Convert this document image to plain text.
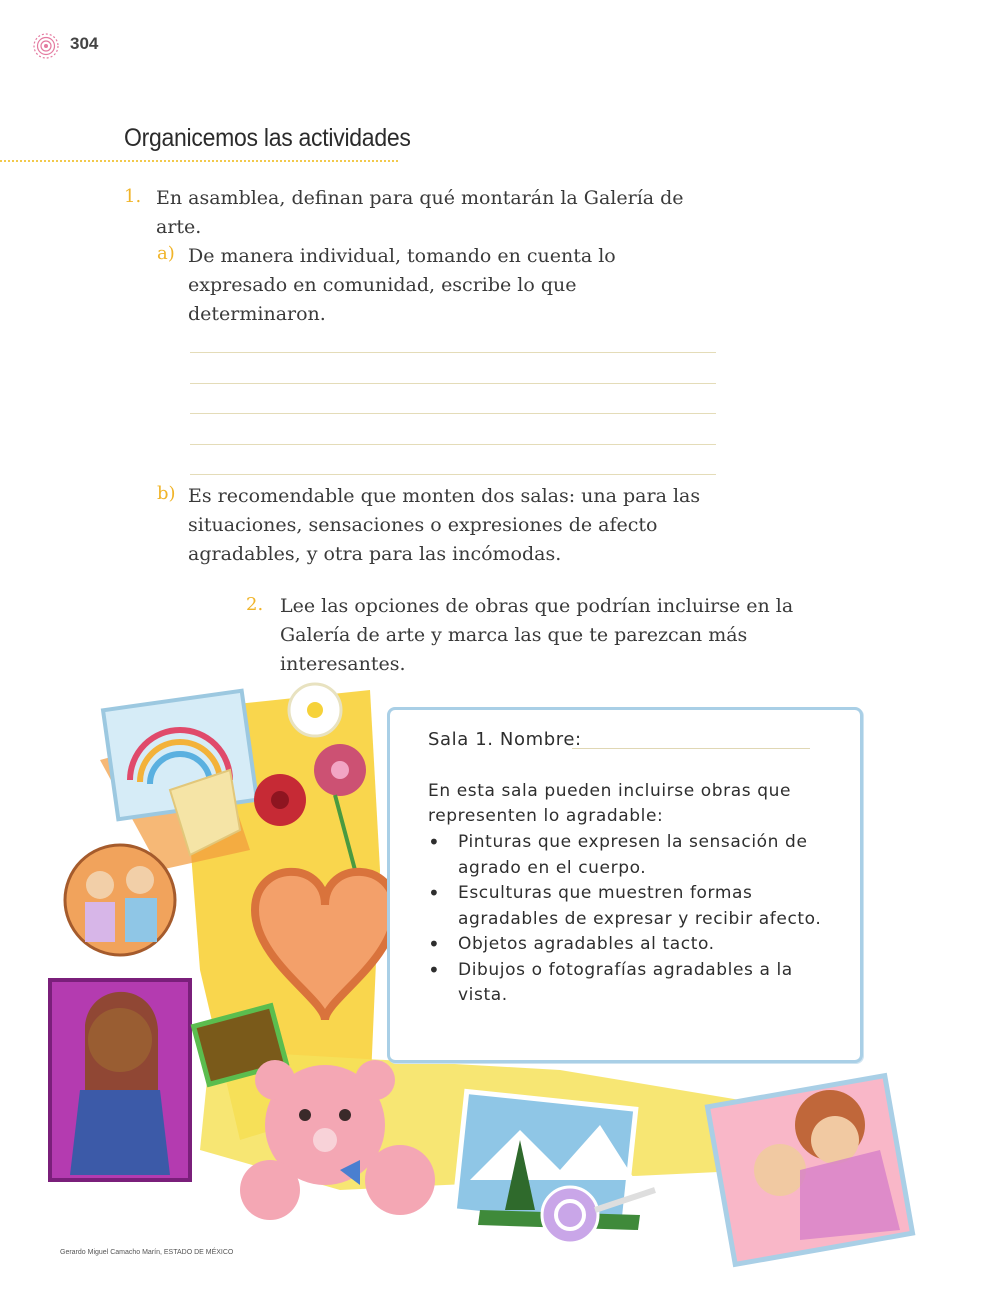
304
Organicemos las actividades
1. En asamblea, definan para qué montarán la Galería de arte.
a) De manera individual, tomando en cuenta lo expresado en comunidad, escribe lo que determinaron.
b) Es recomendable que monten dos salas: una para las situaciones, sensaciones o expresiones de afecto agradables, y otra para las incómodas.
2. Lee las opciones de obras que podrían incluirse en la Galería de arte y marca las que te parezcan más interesantes.
Sala 1. Nombre:
En esta sala pueden incluirse obras que representen lo agradable:
• Pinturas que expresen la sensación de agrado en el cuerpo.
• Esculturas que muestren formas agradables de expresar y recibir afecto.
• Objetos agradables al tacto.
• Dibujos o fotografías agradables a la vista.
Gerardo Miguel Camacho Marín, ESTADO DE MÉXICO
